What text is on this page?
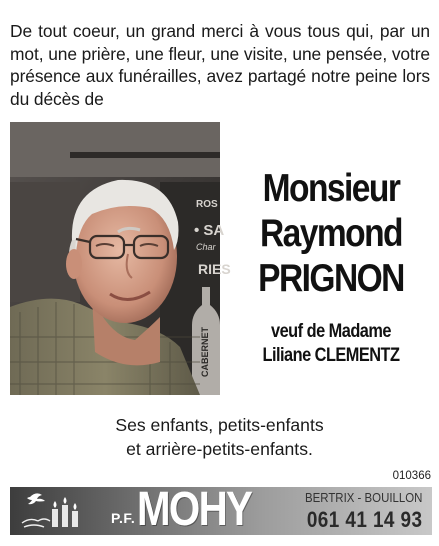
De tout coeur, un grand merci à vous tous qui, par un mot, une prière, une fleur, une visite, une pensée, votre présence aux funérailles, avez partagé notre peine lors du décès de

ROS
• SA
Char
RIES
CABERNET
Monsieur
Raymond
PRIGNON
veuf de Madame
Liliane CLEMENTZ
Ses enfants, petits-enfants
et arrière-petits-enfants.
010366
P.F. MOHY	BERTRIX - BOUILLON
061 41 14 93
